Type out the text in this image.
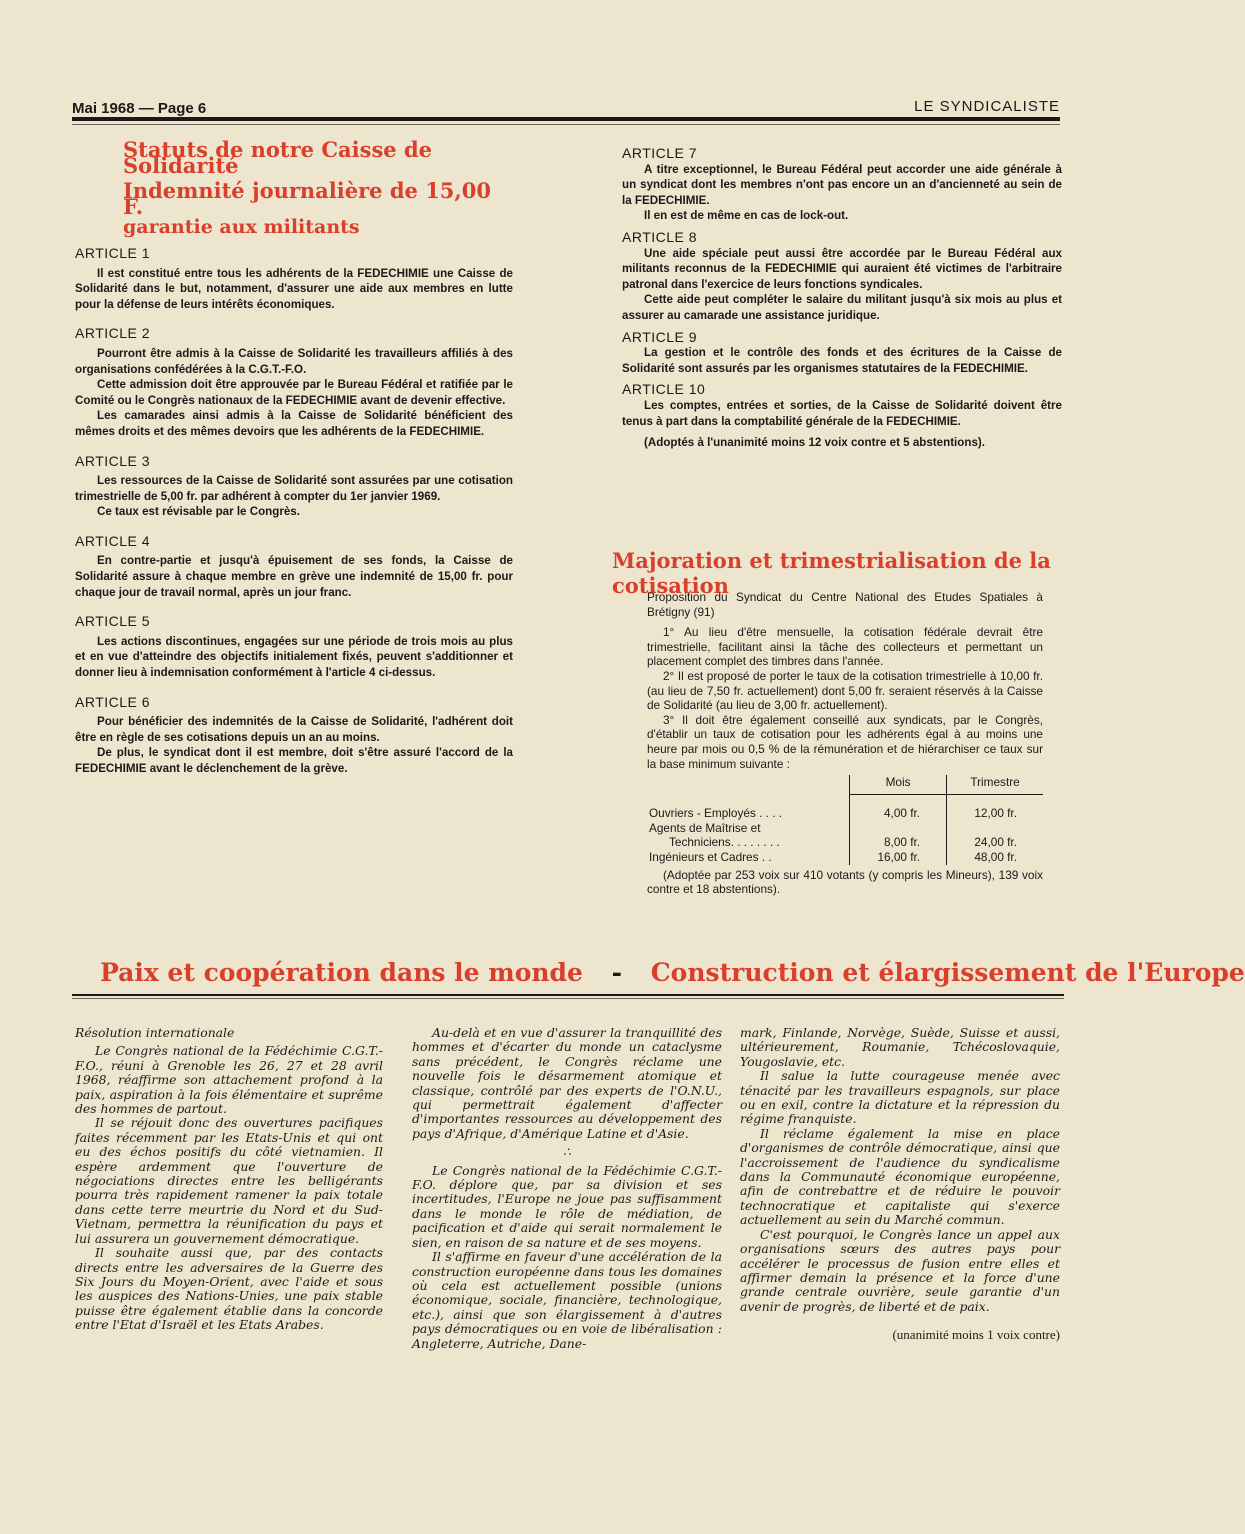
Mai 1968 — Page 6	LE SYNDICALISTE
Statuts de notre Caisse de Solidarité
Indemnité journalière de 15,00 F.
garantie aux militants
ARTICLE 1

Il est constitué entre tous les adhérents de la FEDECHIMIE une Caisse de Solidarité dans le but, notamment, d'assurer une aide aux membres en lutte pour la défense de leurs intérêts économiques.

ARTICLE 2

Pourront être admis à la Caisse de Solidarité les travailleurs affiliés à des organisations confédérées à la C.G.T.-F.O.

Cette admission doit être approuvée par le Bureau Fédéral et ratifiée par le Comité ou le Congrès nationaux de la FEDECHIMIE avant de devenir effective.

Les camarades ainsi admis à la Caisse de Solidarité bénéficient des mêmes droits et des mêmes devoirs que les adhérents de la FEDECHIMIE.

ARTICLE 3

Les ressources de la Caisse de Solidarité sont assurées par une cotisation trimestrielle de 5,00 fr. par adhérent à compter du 1er janvier 1969.

Ce taux est révisable par le Congrès.

ARTICLE 4

En contre-partie et jusqu'à épuisement de ses fonds, la Caisse de Solidarité assure à chaque membre en grève une indemnité de 15,00 fr. pour chaque jour de travail normal, après un jour franc.

ARTICLE 5

Les actions discontinues, engagées sur une période de trois mois au plus et en vue d'atteindre des objectifs initialement fixés, peuvent s'additionner et donner lieu à indemnisation conformément à l'article 4 ci-dessus.

ARTICLE 6

Pour bénéficier des indemnités de la Caisse de Solidarité, l'adhérent doit être en règle de ses cotisations depuis un an au moins.

De plus, le syndicat dont il est membre, doit s'être assuré l'accord de la FEDECHIMIE avant le déclenchement de la grève.

ARTICLE 7

A titre exceptionnel, le Bureau Fédéral peut accorder une aide générale à un syndicat dont les membres n'ont pas encore un an d'ancienneté au sein de la FEDECHIMIE.

Il en est de même en cas de lock-out.

ARTICLE 8

Une aide spéciale peut aussi être accordée par le Bureau Fédéral aux militants reconnus de la FEDECHIMIE qui auraient été victimes de l'arbitraire patronal dans l'exercice de leurs fonctions syndicales.

Cette aide peut compléter le salaire du militant jusqu'à six mois au plus et assurer au camarade une assistance juridique.

ARTICLE 9

La gestion et le contrôle des fonds et des écritures de la Caisse de Solidarité sont assurés par les organismes statutaires de la FEDECHIMIE.

ARTICLE 10

Les comptes, entrées et sorties, de la Caisse de Solidarité doivent être tenus à part dans la comptabilité générale de la FEDECHIMIE.

(Adoptés à l'unanimité moins 12 voix contre et 5 abstentions).

Majoration et trimestrialisation de la cotisation

Proposition du Syndicat du Centre National des Etudes Spatiales à Brétigny (91)

1° Au lieu d'être mensuelle, la cotisation fédérale devrait être trimestrielle, facilitant ainsi la tâche des collecteurs et permettant un placement complet des timbres dans l'année.

2° Il est proposé de porter le taux de la cotisation trimestrielle à 10,00 fr. (au lieu de 7,50 fr. actuellement) dont 5,00 fr. seraient réservés à la Caisse de Solidarité (au lieu de 3,00 fr. actuellement).

3° Il doit être également conseillé aux syndicats, par le Congrès, d'établir un taux de cotisation pour les adhérents égal à au moins une heure par mois ou 0,5 % de la rémunération et de hiérarchiser ce taux sur la base minimum suivante :

	Mois	Trimestre

Ouvriers - Employés . . . .	4,00 fr.	12,00 fr.
Agents de Maîtrise et		
Techniciens. . . . . . . .	8,00 fr.	24,00 fr.
Ingénieurs et Cadres . .	16,00 fr.	48,00 fr.

(Adoptée par 253 voix sur 410 votants (y compris les Mineurs), 139 voix contre et 18 abstentions).

Paix et coopération dans le monde - Construction et élargissement de l'Europe

Résolution internationale

Le Congrès national de la Fédéchimie C.G.T.-F.O., réuni à Grenoble les 26, 27 et 28 avril 1968, réaffirme son attachement profond à la paix, aspiration à la fois élémentaire et suprême des hommes de partout.

Il se réjouit donc des ouvertures pacifiques faites récemment par les Etats-Unis et qui ont eu des échos positifs du côté vietnamien. Il espère ardemment que l'ouverture de négociations directes entre les belligérants pourra très rapidement ramener la paix totale dans cette terre meurtrie du Nord et du Sud-Vietnam, permettra la réunification du pays et lui assurera un gouvernement démocratique.

Il souhaite aussi que, par des contacts directs entre les adversaires de la Guerre des Six Jours du Moyen-Orient, avec l'aide et sous les auspices des Nations-Unies, une paix stable puisse être également établie dans la concorde entre l'Etat d'Israël et les Etats Arabes.

Au-delà et en vue d'assurer la tranquillité des hommes et d'écarter du monde un cataclysme sans précédent, le Congrès réclame une nouvelle fois le désarmement atomique et classique, contrôlé par des experts de l'O.N.U., qui permettrait également d'affecter d'importantes ressources au développement des pays d'Afrique, d'Amérique Latine et d'Asie.

∴

Le Congrès national de la Fédéchimie C.G.T.-F.O. déplore que, par sa division et ses incertitudes, l'Europe ne joue pas suffisamment dans le monde le rôle de médiation, de pacification et d'aide qui serait normalement le sien, en raison de sa nature et de ses moyens.

Il s'affirme en faveur d'une accélération de la construction européenne dans tous les domaines où cela est actuellement possible (unions économique, sociale, financière, technologique, etc.), ainsi que son élargissement à d'autres pays démocratiques ou en voie de libéralisation : Angleterre, Autriche, Dane-

mark, Finlande, Norvège, Suède, Suisse et aussi, ultérieurement, Roumanie, Tchécoslovaquie, Yougoslavie, etc.

Il salue la lutte courageuse menée avec ténacité par les travailleurs espagnols, sur place ou en exil, contre la dictature et la répression du régime franquiste.

Il réclame également la mise en place d'organismes de contrôle démocratique, ainsi que l'accroissement de l'audience du syndicalisme dans la Communauté économique européenne, afin de contrebattre et de réduire le pouvoir technocratique et capitaliste qui s'exerce actuellement au sein du Marché commun.

C'est pourquoi, le Congrès lance un appel aux organisations sœurs des autres pays pour accélérer le processus de fusion entre elles et affirmer demain la présence et la force d'une grande centrale ouvrière, seule garantie d'un avenir de progrès, de liberté et de paix.

(unanimité moins 1 voix contre)
